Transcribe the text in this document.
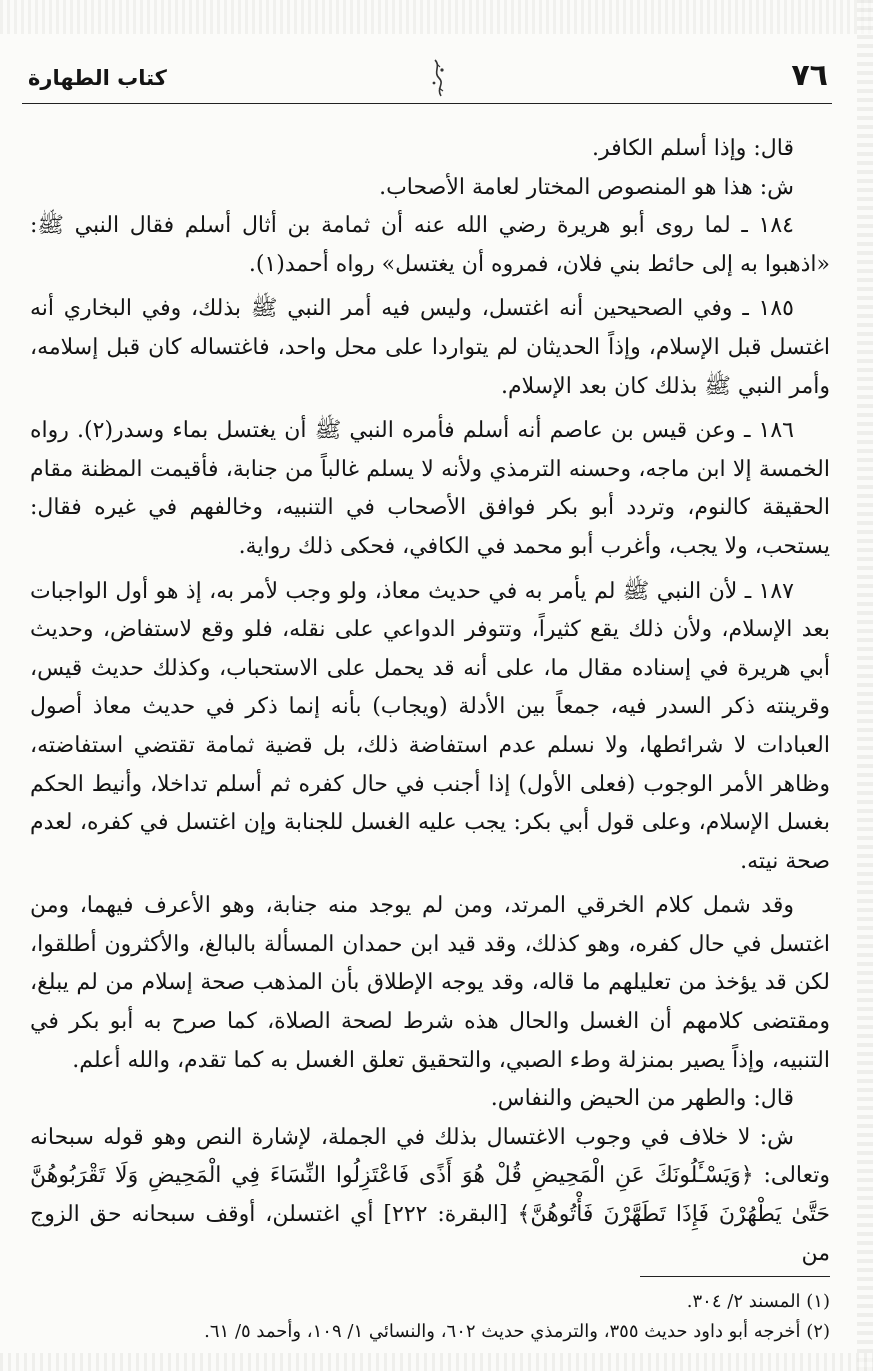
٧٦
كتاب الطهارة

قال: وإذا أسلم الكافر.

ش: هذا هو المنصوص المختار لعامة الأصحاب.

١٨٤ ـ لما روى أبو هريرة رضي الله عنه أن ثمامة بن أثال أسلم فقال النبي ﷺ: «اذهبوا به إلى حائط بني فلان، فمروه أن يغتسل» رواه أحمد(١).

١٨٥ ـ وفي الصحيحين أنه اغتسل، وليس فيه أمر النبي ﷺ بذلك، وفي البخاري أنه اغتسل قبل الإسلام، وإذاً الحديثان لم يتواردا على محل واحد، فاغتساله كان قبل إسلامه، وأمر النبي ﷺ بذلك كان بعد الإسلام.

١٨٦ ـ وعن قيس بن عاصم أنه أسلم فأمره النبي ﷺ أن يغتسل بماء وسدر(٢). رواه الخمسة إلا ابن ماجه، وحسنه الترمذي ولأنه لا يسلم غالباً من جنابة، فأقيمت المظنة مقام الحقيقة كالنوم، وتردد أبو بكر فوافق الأصحاب في التنبيه، وخالفهم في غيره فقال: يستحب، ولا يجب، وأغرب أبو محمد في الكافي، فحكى ذلك رواية.

١٨٧ ـ لأن النبي ﷺ لم يأمر به في حديث معاذ، ولو وجب لأمر به، إذ هو أول الواجبات بعد الإسلام، ولأن ذلك يقع كثيراً، وتتوفر الدواعي على نقله، فلو وقع لاستفاض، وحديث أبي هريرة في إسناده مقال ما، على أنه قد يحمل على الاستحباب، وكذلك حديث قيس، وقرينته ذكر السدر فيه، جمعاً بين الأدلة (ويجاب) بأنه إنما ذكر في حديث معاذ أصول العبادات لا شرائطها، ولا نسلم عدم استفاضة ذلك، بل قضية ثمامة تقتضي استفاضته، وظاهر الأمر الوجوب (فعلى الأول) إذا أجنب في حال كفره ثم أسلم تداخلا، وأنيط الحكم بغسل الإسلام، وعلى قول أبي بكر: يجب عليه الغسل للجنابة وإن اغتسل في كفره، لعدم صحة نيته.

وقد شمل كلام الخرقي المرتد، ومن لم يوجد منه جنابة، وهو الأعرف فيهما، ومن اغتسل في حال كفره، وهو كذلك، وقد قيد ابن حمدان المسألة بالبالغ، والأكثرون أطلقوا، لكن قد يؤخذ من تعليلهم ما قاله، وقد يوجه الإطلاق بأن المذهب صحة إسلام من لم يبلغ، ومقتضى كلامهم أن الغسل والحال هذه شرط لصحة الصلاة، كما صرح به أبو بكر في التنبيه، وإذاً يصير بمنزلة وطء الصبي، والتحقيق تعلق الغسل به كما تقدم، والله أعلم.

قال: والطهر من الحيض والنفاس.

ش: لا خلاف في وجوب الاغتسال بذلك في الجملة، لإشارة النص وهو قوله سبحانه وتعالى: ﴿وَيَسْـَٔلُونَكَ عَنِ الْمَحِيضِ قُلْ هُوَ أَذًى فَاعْتَزِلُوا النِّسَاءَ فِي الْمَحِيضِ وَلَا تَقْرَبُوهُنَّ حَتَّىٰ يَطْهُرْنَ فَإِذَا تَطَهَّرْنَ فَأْتُوهُنَّ﴾ [البقرة: ٢٢٢] أي اغتسلن، أوقف سبحانه حق الزوج من

(١) المسند ٢/ ٣٠٤.

(٢) أخرجه أبو داود حديث ٣٥٥، والترمذي حديث ٦٠٢، والنسائي ١/ ١٠٩، وأحمد ٥/ ٦١.
